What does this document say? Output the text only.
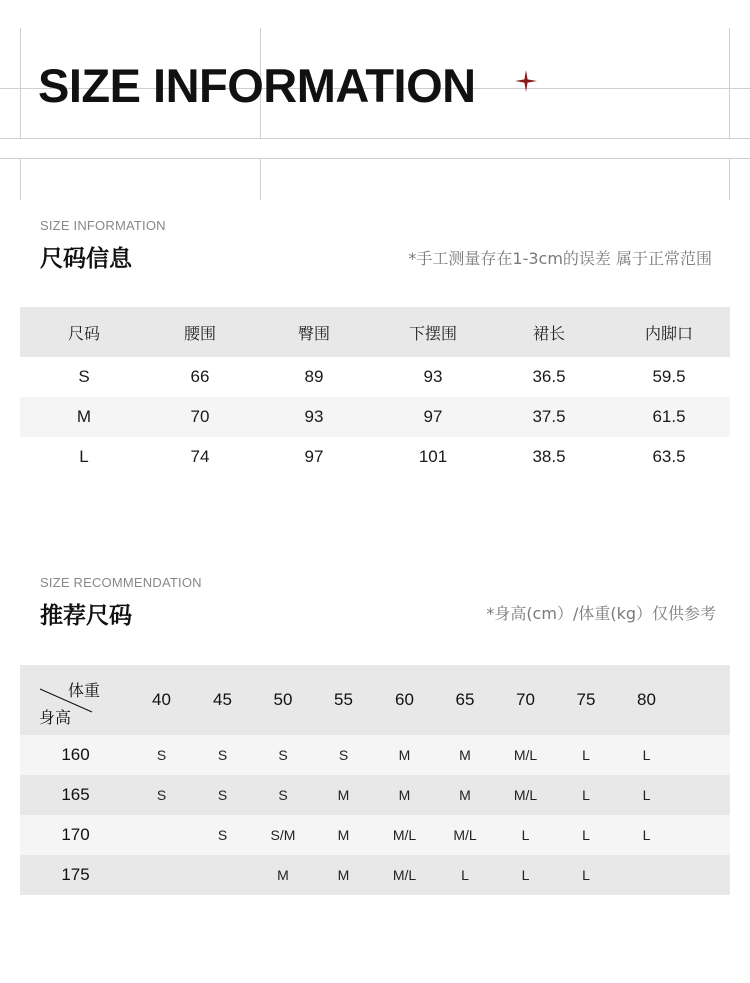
SIZE INFORMATION
SIZE INFORMATION
尺码信息	*手工测量存在1-3cm的误差 属于正常范围
尺码	腰围	臀围	下摆围	裙长	内脚口
S	66	89	93	36.5	59.5
M	70	93	97	37.5	61.5
L	74	97	101	38.5	63.5
SIZE RECOMMENDATION
推荐尺码	*身高(cm）/体重(kg）仅供参考
体重
身高	40	45	50	55	60	65	70	75	80	
160	S	S	S	S	M	M	M/L	L	L	
165	S	S	S	M	M	M	M/L	L	L	
170		S	S/M	M	M/L	M/L	L	L	L	
175			M	M	M/L	L	L	L		
